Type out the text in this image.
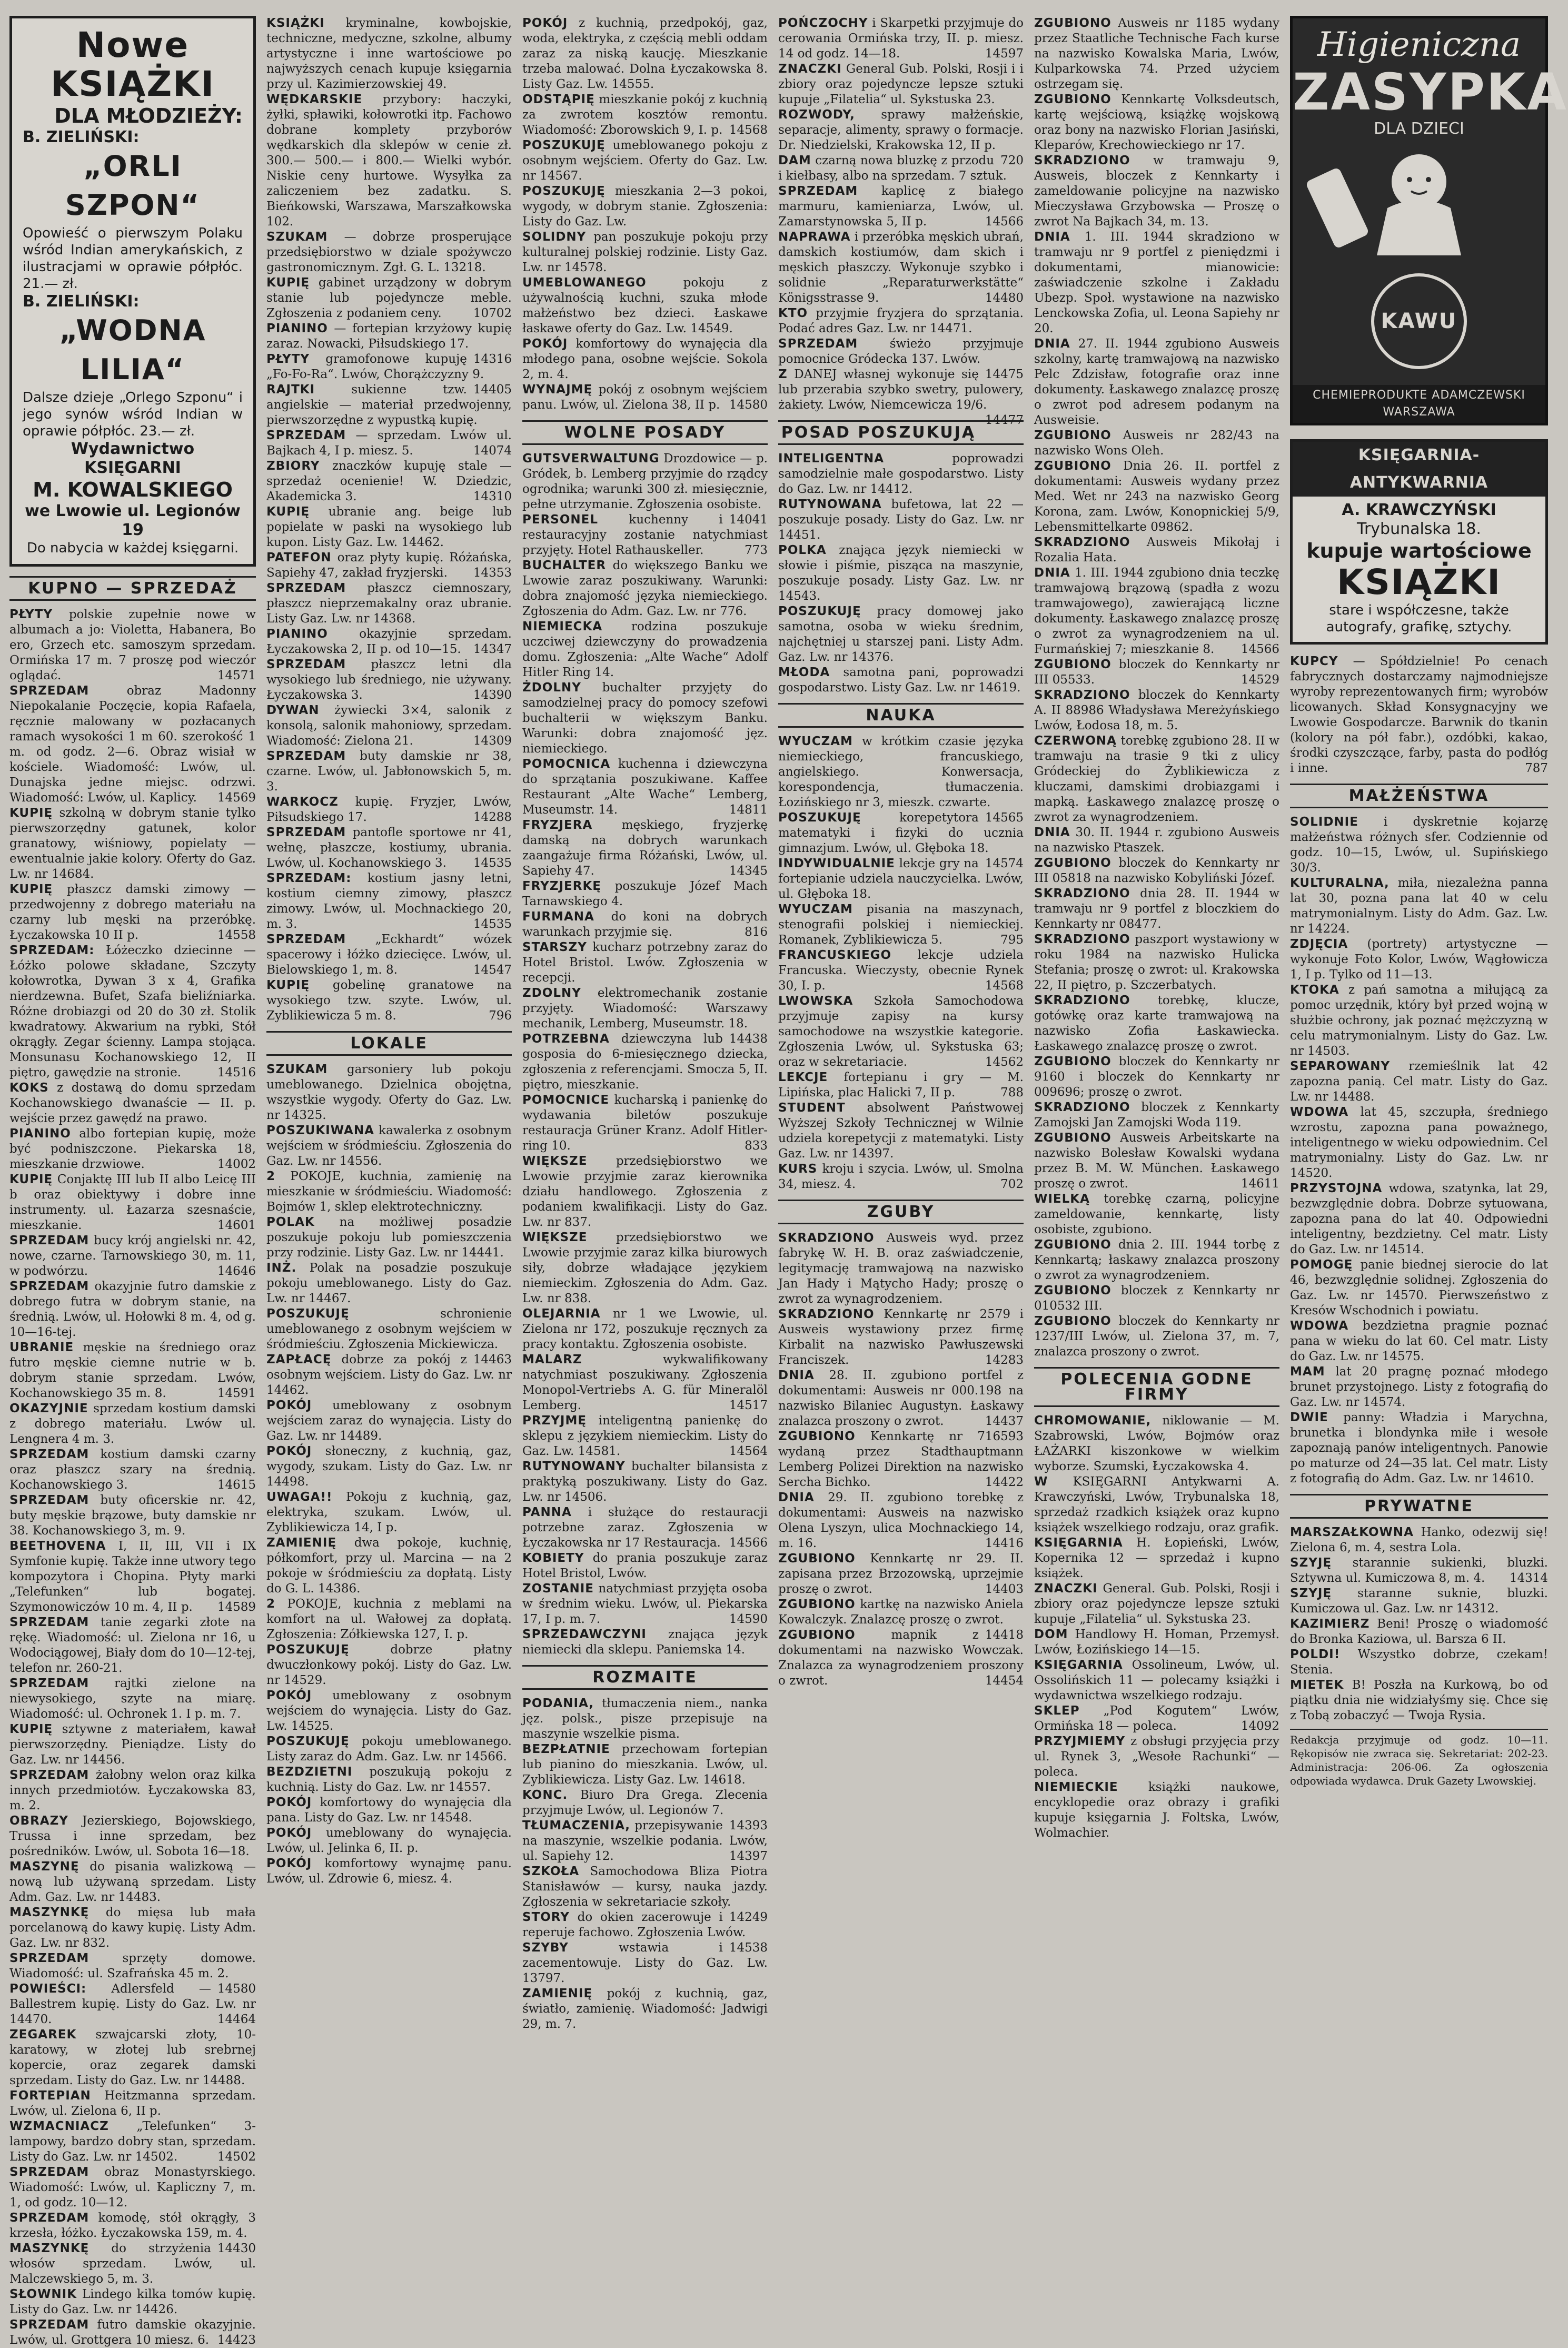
Nowe KSIĄŻKI
DLA MŁODZIEŻY:
B. ZIELIŃSKI:
„ORLI SZPON“
Opowieść o pierwszym Polaku wśród Indian amerykańskich, z ilustracjami w oprawie półpłóc. 21.— zł.
B. ZIELIŃSKI:
„WODNA LILIA“
Dalsze dzieje „Orlego Szponu“ i jego synów wśród Indian w oprawie półpłóc. 23.— zł.
Wydawnictwo KSIĘGARNI
M. KOWALSKIEGO
we Lwowie ul. Legionów 19
Do nabycia w każdej księgarni.
KUPNO — SPRZEDAŻ

PŁYTY polskie zupełnie nowe w albumach a jo: Violetta, Habanera, Bo ero, Grzech etc. samoszym sprzedam. Ormińska 17 m. 7 proszę pod wieczór oglądać.	14571

SPRZEDAM obraz Madonny Niepokalanie Poczęcie, kopia Rafaela, ręcznie malowany w pozłacanych ramach wysokości 1 m 60. szerokość 1 m. od godz. 2—6. Obraz wisiał w kościele. Wiadomość: Lwów, ul. Dunajska jedne miejsc. odrzwi. Wiadomość: Lwów, ul. Kaplicy.	14569

KUPIĘ szkolną w dobrym stanie tylko pierwszorzędny gatunek, kolor granatowy, wiśniowy, popielaty — ewentualnie jakie kolory. Oferty do Gaz. Lw. nr 14684.

KUPIĘ płaszcz damski zimowy — przedwojenny z dobrego materiału na czarny lub męski na przeróbkę. Łyczakowska 10 II p.	14558

SPRZEDAM: Łóżeczko dziecinne — Łóżko polowe składane, Szczyty kołowrotka, Dywan 3 x 4, Grafika nierdzewna. Bufet, Szafa bieliźniarka. Różne drobiazgi od 20 do 30 zł. Stolik kwadratowy. Akwarium na rybki, Stół okrągły. Zegar ścienny. Lampa stojąca. Monsunasu Kochanowskiego 12, II piętro, gawędzie na stronie.	14516

KOKS z dostawą do domu sprzedam Kochanowskiego dwanaście — II. p. wejście przez gawędź na prawo.

PIANINO albo fortepian kupię, może być podniszczone. Piekarska 18, mieszkanie drzwiowe.	14002

KUPIĘ Conjaktę III lub II albo Leicę III b oraz obiektywy i dobre inne instrumenty. ul. Łazarza szesnaście, mieszkanie.	14601

SPRZEDAM bucy krój angielski nr. 42, nowe, czarne. Tarnowskiego 30, m. 11, w podwórzu.	14646

SPRZEDAM okazyjnie futro damskie z dobrego futra w dobrym stanie, na średnią. Lwów, ul. Hołowki 8 m. 4, od g. 10—16-tej.

UBRANIE męskie na średniego oraz futro męskie ciemne nutrie w b. dobrym stanie sprzedam. Lwów, Kochanowskiego 35 m. 8.	14591

OKAZYJNIE sprzedam kostium damski z dobrego materiału. Lwów ul. Lengnera 4 m. 3.

SPRZEDAM kostium damski czarny oraz płaszcz szary na średnią. Kochanowskiego 3.	14615

SPRZEDAM buty oficerskie nr. 42, buty męskie brązowe, buty damskie nr 38. Kochanowskiego 3, m. 9.

BEETHOVENA I, II, III, VII i IX Symfonie kupię. Także inne utwory tego kompozytora i Chopina. Płyty marki „Telefunken“ lub bogatej. Szymonowiczów 10 m. 4, II p.	14589

SPRZEDAM tanie zegarki złote na rękę. Wiadomość: ul. Zielona nr 16, u Wodociągowej, Biały dom do 10—12-tej, telefon nr. 260-21.

SPRZEDAM rajtki zielone na niewysokiego, szyte na miarę. Wiadomość: ul. Ochronek 1. I p. m. 7.

KUPIĘ sztywne z materiałem, kawał pierwszorzędny. Pieniądze. Listy do Gaz. Lw. nr 14456.

SPRZEDAM żałobny welon oraz kilka innych przedmiotów. Łyczakowska 83, m. 2.

OBRAZY Jezierskiego, Bojowskiego, Trussa i inne sprzedam, bez pośredników. Lwów, ul. Sobota 16—18.

MASZYNĘ do pisania walizkową — nową lub używaną sprzedam. Listy Adm. Gaz. Lw. nr 14483.

MASZYNKĘ do mięsa lub mała porcelanową do kawy kupię. Listy Adm. Gaz. Lw. nr 832.

SPRZEDAM sprzęty domowe. Wiadomość: ul. Szafrańska 45 m. 2.
14580

POWIEŚCI: Adlersfeld — Ballestrem kupię. Listy do Gaz. Lw. nr 14470.	14464

ZEGAREK szwajcarski złoty, 10-karatowy, w złotej lub srebrnej kopercie, oraz zegarek damski sprzedam. Listy do Gaz. Lw. nr 14488.

FORTEPIAN Heitzmanna sprzedam. Lwów, ul. Zielona 6, II p.

WZMACNIACZ „Telefunken“ 3-lampowy, bardzo dobry stan, sprzedam. Listy do Gaz. Lw. nr 14502.	14502

SPRZEDAM obraz Monastyrskiego. Wiadomość: Lwów, ul. Kapliczny 7, m. 1, od godz. 10—12.

SPRZEDAM komodę, stół okrągły, 3 krzesła, łóżko. Łyczakowska 159, m. 4.
14430

MASZYNKĘ do strzyżenia włosów sprzedam. Lwów, ul. Malczewskiego 5, m. 3.

SŁOWNIK Lindego kilka tomów kupię. Listy do Gaz. Lw. nr 14426.

SPRZEDAM futro damskie okazyjnie. Lwów, ul. Grottgera 10 miesz. 6. 14423

KSIĄŻKI kryminalne, kowbojskie, techniczne, medyczne, szkolne, albumy artystyczne i inne wartościowe po najwyższych cenach kupuje księgarnia przy ul. Kazimierzowskiej 49.

WĘDKARSKIE przybory: haczyki, żyłki, spławiki, kołowrotki itp. Fachowo dobrane komplety przyborów wędkarskich dla sklepów w cenie zł. 300.— 500.— i 800.— Wielki wybór. Niskie ceny hurtowe. Wysyłka za zaliczeniem bez zadatku. S. Bieńkowski, Warszawa, Marszałkowska 102.

SZUKAM — dobrze prosperujące przedsiębiorstwo w dziale spożywczo gastronomicznym. Zgł. G. L. 13218.

KUPIĘ gabinet urządzony w dobrym stanie lub pojedyncze meble. Zgłoszenia z podaniem ceny.	10702

PIANINO — fortepian krzyżowy kupię zaraz. Nowacki, Piłsudskiego 17.
14316

PŁYTY gramofonowe kupuję „Fo-Fo-Ra“. Lwów, Chorążczyzny 9.
14405

RAJTKI sukienne tzw. angielskie — materiał przedwojenny, pierwszorzędne z wypustką kupię.

SPRZEDAM — sprzedam. Lwów ul. Bajkach 4, I p. miesz. 5.	14074

ZBIORY znaczków kupuję stale — sprzedaż ocenienie! W. Dziedzic, Akademicka 3.	14310

KUPIĘ ubranie ang. beige lub popielate w paski na wysokiego lub kupon. Listy Gaz. Lw. 14462.

PATEFON oraz płyty kupię. Różańska, Sapiehy 47, zakład fryzjerski.	14353

SPRZEDAM płaszcz ciemnoszary, płaszcz nieprzemakalny oraz ubranie. Listy Gaz. Lw. nr 14368.

PIANINO okazyjnie sprzedam. Łyczakowska 2, II p. od 10—15.	14347

SPRZEDAM płaszcz letni dla wysokiego lub średniego, nie używany. Łyczakowska 3.	14390

DYWAN żywiecki 3×4, salonik z konsolą, salonik mahoniowy, sprzedam. Wiadomość: Zielona 21.	14309

SPRZEDAM buty damskie nr 38, czarne. Lwów, ul. Jabłonowskich 5, m. 3.

WARKOCZ kupię. Fryzjer, Lwów, Piłsudskiego 17.	14288

SPRZEDAM pantofle sportowe nr 41, wełnę, płaszcze, kostiumy, ubrania. Lwów, ul. Kochanowskiego 3.	14535

SPRZEDAM: kostium jasny letni, kostium ciemny zimowy, płaszcz zimowy. Lwów, ul. Mochnackiego 20, m. 3.	14535

SPRZEDAM „Eckhardt“ wózek spacerowy i łóżko dziecięce. Lwów, ul. Bielowskiego 1, m. 8.	14547

KUPIĘ gobelinę granatowe na wysokiego tzw. szyte. Lwów, ul. Zyblikiewicza 5 m. 8.	796

LOKALE

SZUKAM garsoniery lub pokoju umeblowanego. Dzielnica obojętna, wszystkie wygody. Oferty do Gaz. Lw. nr 14325.

POSZUKIWANA kawalerka z osobnym wejściem w śródmieściu. Zgłoszenia do Gaz. Lw. nr 14556.

2 POKOJE, kuchnia, zamienię na mieszkanie w śródmieściu. Wiadomość: Bojmów 1, sklep elektrotechniczny.

POLAK na możliwej posadzie poszukuje pokoju lub pomieszczenia przy rodzinie. Listy Gaz. Lw. nr 14441.

INŻ. Polak na posadzie poszukuje pokoju umeblowanego. Listy do Gaz. Lw. nr 14467.

POSZUKUJĘ schronienie umeblowanego z osobnym wejściem w śródmieściu. Zgłoszenia Mickiewicza.
14463

ZAPŁACĘ dobrze za pokój z osobnym wejściem. Listy do Gaz. Lw. nr 14462.

POKÓJ umeblowany z osobnym wejściem zaraz do wynajęcia. Listy do Gaz. Lw. nr 14489.

POKÓJ słoneczny, z kuchnią, gaz, wygody, szukam. Listy do Gaz. Lw. nr 14498.

UWAGA!! Pokoju z kuchnią, gaz, elektryka, szukam. Lwów, ul. Zyblikiewicza 14, I p.

ZAMIENIĘ dwa pokoje, kuchnię, półkomfort, przy ul. Marcina — na 2 pokoje w śródmieściu za dopłatą. Listy do G. L. 14386.

2 POKOJE, kuchnia z meblami na komfort na ul. Wałowej za dopłatą. Zgłoszenia: Zółkiewska 127, I. p.

POSZUKUJĘ dobrze płatny dwuczłonkowy pokój. Listy do Gaz. Lw. nr 14529.

POKÓJ umeblowany z osobnym wejściem do wynajęcia. Listy do Gaz. Lw. 14525.

POSZUKUJĘ pokoju umeblowanego. Listy zaraz do Adm. Gaz. Lw. nr 14566.

BEZDZIETNI poszukują pokoju z kuchnią. Listy do Gaz. Lw. nr 14557.

POKÓJ komfortowy do wynajęcia dla pana. Listy do Gaz. Lw. nr 14548.

POKÓJ umeblowany do wynajęcia. Lwów, ul. Jelinka 6, II. p.

POKÓJ komfortowy wynajmę panu. Lwów, ul. Zdrowie 6, miesz. 4.

POKÓJ z kuchnią, przedpokój, gaz, woda, elektryka, z częścią mebli oddam zaraz za niską kaucję. Mieszkanie trzeba malować. Dolna Łyczakowska 8. Listy Gaz. Lw. 14555.

ODSTĄPIĘ mieszkanie pokój z kuchnią za zwrotem kosztów remontu. Wiadomość: Zborowskich 9, I. p. 14568

POSZUKUJĘ umeblowanego pokoju z osobnym wejściem. Oferty do Gaz. Lw. nr 14567.

POSZUKUJĘ mieszkania 2—3 pokoi, wygody, w dobrym stanie. Zgłoszenia: Listy do Gaz. Lw.

SOLIDNY pan poszukuje pokoju przy kulturalnej polskiej rodzinie. Listy Gaz. Lw. nr 14578.

UMEBLOWANEGO pokoju z używalnością kuchni, szuka młode małżeństwo bez dzieci. Łaskawe łaskawe oferty do Gaz. Lw. 14549.

POKÓJ komfortowy do wynajęcia dla młodego pana, osobne wejście. Sokola 2, m. 4.

WYNAJMĘ pokój z osobnym wejściem panu. Lwów, ul. Zielona 38, II p. 14580

WOLNE POSADY

GUTSVERWALTUNG Drozdowice — p. Gródek, b. Lemberg przyjmie do rządcy ogrodnika; warunki 300 zł. miesięcznie, pełne utrzymanie. Zgłoszenia osobiste.
14041

PERSONEL kuchenny i restauracyjny zostanie natychmiast przyjęty. Hotel Rathauskeller.	773

BUCHALTER do większego Banku we Lwowie zaraz poszukiwany. Warunki: dobra znajomość języka niemieckiego. Zgłoszenia do Adm. Gaz. Lw. nr 776.

NIEMIECKA rodzina poszukuje uczciwej dziewczyny do prowadzenia domu. Zgłoszenia: „Alte Wache“ Adolf Hitler Ring 14.

ŻDOLNY buchalter przyjęty do samodzielnej pracy do pomocy szefowi buchalterii w większym Banku. Warunki: dobra znajomość jęz. niemieckiego.

POMOCNICA kuchenna i dziewczyna do sprzątania poszukiwane. Kaffee Restaurant „Alte Wache“ Lemberg, Museumstr. 14.	14811

FRYZJERA męskiego, fryzjerkę damską na dobrych warunkach zaangażuje firma Różański, Lwów, ul. Sapiehy 47.	14345

FRYZJERKĘ poszukuje Józef Mach Tarnawskiego 4.

FURMANA do koni na dobrych warunkach przyjmie się.	816

STARSZY kucharz potrzebny zaraz do Hotel Bristol. Lwów. Zgłoszenia w recepcji.

ZDOLNY elektromechanik zostanie przyjęty. Wiadomość: Warszawy mechanik, Lemberg, Museumstr. 18.
14438

POTRZEBNA dziewczyna lub gosposia do 6-miesięcznego dziecka, zgłoszenia z referencjami. Smocza 5, II. piętro, mieszkanie.

POMOCNICE kucharską i panienkę do wydawania biletów poszukuje restauracja Grüner Kranz. Adolf Hitler-ring 10.	833

WIĘKSZE przedsiębiorstwo we Lwowie przyjmie zaraz kierownika działu handlowego. Zgłoszenia z podaniem kwalifikacji. Listy do Gaz. Lw. nr 837.

WIĘKSZE przedsiębiorstwo we Lwowie przyjmie zaraz kilka biurowych siły, dobrze władające językiem niemieckim. Zgłoszenia do Adm. Gaz. Lw. nr 838.

OLEJARNIA nr 1 we Lwowie, ul. Zielona nr 172, poszukuje ręcznych za pracy kontaktu. Zgłoszenia osobiste.

MALARZ wykwalifikowany natychmiast poszukiwany. Zgłoszenia Monopol-Vertriebs A. G. für Mineralöl Lemberg.	14517

PRZYJMĘ inteligentną panienkę do sklepu z językiem niemieckim. Listy do Gaz. Lw. 14581.	14564

RUTYNOWANY buchalter bilansista z praktyką poszukiwany. Listy do Gaz. Lw. nr 14506.

PANNA i służące do restauracji potrzebne zaraz. Zgłoszenia w Łyczakowska nr 17 Restauracja. 14566

KOBIETY do prania poszukuje zaraz Hotel Bristol, Lwów.

ZOSTANIE natychmiast przyjęta osoba w średnim wieku. Lwów, ul. Piekarska 17, I p. m. 7.	14590

SPRZEDAWCZYNI znająca język niemiecki dla sklepu. Paniemska 14.

ROZMAITE

PODANIA, tłumaczenia niem., nanka jęz. polsk., pisze przepisuje na maszynie wszelkie pisma.

BEZPŁATNIE przechowam fortepian lub pianino do mieszkania. Lwów, ul. Zyblikiewicza. Listy Gaz. Lw. 14618.

KONC. Biuro Dra Grega. Zlecenia przyjmuje Lwów, ul. Legionów 7.
14393

TŁUMACZENIA, przepisywanie na maszynie, wszelkie podania. Lwów, ul. Sapiehy 12.	14397

SZKOŁA Samochodowa Bliza Piotra Stanisławów — kursy, nauka jazdy. Zgłoszenia w sekretariacie szkoły.
14249

STORY do okien zacerowuje i reperuje fachowo. Zgłoszenia Lwów.
14538

SZYBY wstawia i zacementowuje. Listy do Gaz. Lw. 13797.

ZAMIENIĘ pokój z kuchnią, gaz, światło, zamienię. Wiadomość: Jadwigi 29, m. 7.

POŃCZOCHY i Skarpetki przyjmuje do cerowania Ormińska trzy, II. p. miesz. 14 od godz. 14—18.	14597

ZNACZKI General Gub. Polski, Rosji i i zbiory oraz pojedyncze lepsze sztuki kupuje „Filatelia“ ul. Sykstuska 23.

ROZWODY, sprawy małżeńskie, separacje, alimenty, sprawy o formacje. Dr. Niedzielski, Krakowska 12, II p.
720

DAM czarną nowa bluzkę z przodu i kiełbasy, albo na sprzedam. 7 sztuk.

SPRZEDAM kaplicę z białego marmuru, kamieniarza, Lwów, ul. Zamarstynowska 5, II p.	14566

NAPRAWA i przeróbka męskich ubrań, damskich kostiumów, dam skich i męskich płaszczy. Wykonuje szybko i solidnie „Reparaturwerkstätte“ Königsstrasse 9.	14480

KTO przyjmie fryzjera do sprzątania. Podać adres Gaz. Lw. nr 14471.

SPRZEDAM świeżo przyjmuje pomocnice Gródecka 137. Lwów.
14475

Z DANEJ własnej wykonuje się lub przerabia szybko swetry, pulowery, żakiety. Lwów, Niemcewicza 19/6.
14477

POSAD POSZUKUJĄ

INTELIGENTNA poprowadzi samodzielnie małe gospodarstwo. Listy do Gaz. Lw. nr 14412.

RUTYNOWANA bufetowa, lat 22 — poszukuje posady. Listy do Gaz. Lw. nr 14451.

POLKA znająca język niemiecki w słowie i piśmie, pisząca na maszynie, poszukuje posady. Listy Gaz. Lw. nr 14543.

POSZUKUJĘ pracy domowej jako samotna, osoba w wieku średnim, najchętniej u starszej pani. Listy Adm. Gaz. Lw. nr 14376.

MŁODA samotna pani, poprowadzi gospodarstwo. Listy Gaz. Lw. nr 14619.

NAUKA

WYUCZAM w krótkim czasie języka niemieckiego, francuskiego, angielskiego. Konwersacja, korespondencja, tłumaczenia. Łozińskiego nr 3, mieszk. czwarte.
14565

POSZUKUJĘ korepetytora matematyki i fizyki do ucznia gimnazjum. Lwów, ul. Głęboka 18.
14574

INDYWIDUALNIE lekcje gry na fortepianie udziela nauczycielka. Lwów, ul. Głęboka 18.

WYUCZAM pisania na maszynach, stenografii polskiej i niemieckiej. Romanek, Zyblikiewicza 5.	795

FRANCUSKIEGO lekcje udziela Francuska. Wieczysty, obecnie Rynek 30, I. p.	14568

LWOWSKA Szkoła Samochodowa przyjmuje zapisy na kursy samochodowe na wszystkie kategorie. Zgłoszenia Lwów, ul. Sykstuska 63; oraz w sekretariacie.	14562

LEKCJE fortepianu i gry — M. Lipińska, plac Halicki 7, II p.	788

STUDENT absolwent Państwowej Wyższej Szkoły Technicznej w Wilnie udziela korepetycji z matematyki. Listy Gaz. Lw. nr 14397.

KURS kroju i szycia. Lwów, ul. Smolna 34, miesz. 4.	702

ZGUBY

SKRADZIONO Ausweis wyd. przez fabrykę W. H. B. oraz zaświadczenie, legitymację tramwajową na nazwisko Jan Hady i Mątycho Hady; proszę o zwrot za wynagrodzeniem.

SKRADZIONO Kennkartę nr 2579 i Ausweis wystawiony przez firmę Kirbalit na nazwisko Pawłuszewski Franciszek.	14283

DNIA 28. II. zgubiono portfel z dokumentami: Ausweis nr 000.198 na nazwisko Bilaniec Augustyn. Łaskawy znalazca proszony o zwrot.	14437

ZGUBIONO Kennkartę nr 716593 wydaną przez Stadthauptmann Lemberg Polizei Direktion na nazwisko Sercha Bichko.	14422

DNIA 29. II. zgubiono torebkę z dokumentami: Ausweis na nazwisko Olena Lyszyn, ulica Mochnackiego 14, m. 16.	14416

ZGUBIONO Kennkartę nr 29. II. zapisana przez Brzozowską, uprzejmie proszę o zwrot.	14403

ZGUBIONO kartkę na nazwisko Aniela Kowalczyk. Znalazcę proszę o zwrot.
14418

ZGUBIONO mapnik z dokumentami na nazwisko Wowczak. Znalazca za wynagrodzeniem proszony o zwrot.	14454

ZGUBIONO Ausweis nr 1185 wydany przez Staatliche Technische Fach kurse na nazwisko Kowalska Maria, Lwów, Kulparkowska 74. Przed użyciem ostrzegam się.

ZGUBIONO Kennkartę Volksdeutsch, kartę wejściową, książkę wojskową oraz bony na nazwisko Florian Jasiński, Kleparów, Krechowieckiego nr 17.

SKRADZIONO w tramwaju 9, Ausweis, bloczek z Kennkarty i zameldowanie policyjne na nazwisko Mieczysława Grzybowska — Proszę o zwrot Na Bajkach 34, m. 13.

DNIA 1. III. 1944 skradziono w tramwaju nr 9 portfel z pieniędzmi i dokumentami, mianowicie: zaświadczenie szkolne i Zakładu Ubezp. Społ. wystawione na nazwisko Lenckowska Zofia, ul. Leona Sapiehy nr 20.

DNIA 27. II. 1944 zgubiono Ausweis szkolny, kartę tramwajową na nazwisko Pelc Zdzisław, fotografie oraz inne dokumenty. Łaskawego znalazcę proszę o zwrot pod adresem podanym na Ausweisie.

ZGUBIONO Ausweis nr 282/43 na nazwisko Wons Oleh.

ZGUBIONO Dnia 26. II. portfel z dokumentami: Ausweis wydany przez Med. Wet nr 243 na nazwisko Georg Korona, zam. Lwów, Konopnickiej 5/9, Lebensmittelkarte 09862.

SKRADZIONO Ausweis Mikołaj i Rozalia Hata.

DNIA 1. III. 1944 zgubiono dnia teczkę tramwajową brązową (spadła z wozu tramwajowego), zawierającą liczne dokumenty. Łaskawego znalazcę proszę o zwrot za wynagrodzeniem na ul. Furmańskiej 7; mieszkanie 8.	14566

ZGUBIONO bloczek do Kennkarty nr III 05533.	14529

SKRADZIONO bloczek do Kennkarty A. II 88986 Władysława Mereżyńskiego Lwów, Łodosa 18, m. 5.

CZERWONĄ torebkę zgubiono 28. II w tramwaju na trasie 9 tki z ulicy Gródeckiej do Żyblikiewicza z kluczami, damskimi drobiazgami i mapką. Łaskawego znalazcę proszę o zwrot za wynagrodzeniem.

DNIA 30. II. 1944 r. zgubiono Ausweis na nazwisko Ptaszek.

ZGUBIONO bloczek do Kennkarty nr III 05818 na nazwisko Kobyliński Józef.

SKRADZIONO dnia 28. II. 1944 w tramwaju nr 9 portfel z bloczkiem do Kennkarty nr 08477.

SKRADZIONO paszport wystawiony w roku 1984 na nazwisko Hulicka Stefania; proszę o zwrot: ul. Krakowska 22, II piętro, p. Szczerbatych.

SKRADZIONO torebkę, klucze, gotówkę oraz karte tramwajową na nazwisko Zofia Łaskawiecka. Łaskawego znalazcę proszę o zwrot.

ZGUBIONO bloczek do Kennkarty nr 9160 i bloczek do Kennkarty nr 009696; proszę o zwrot.

SKRADZIONO bloczek z Kennkarty Zamojski Jan Zamojski Woda 119.

ZGUBIONO Ausweis Arbeitskarte na nazwisko Bolesław Kowalski wydana przez B. M. W. München. Łaskawego proszę o zwrot.	14611

WIELKĄ torebkę czarną, policyjne zameldowanie, kennkartę, listy osobiste, zgubiono.

ZGUBIONO dnia 2. III. 1944 torbę z Kennkartą; łaskawy znalazca proszony o zwrot za wynagrodzeniem.

ZGUBIONO bloczek z Kennkarty nr 010532 III.

ZGUBIONO bloczek do Kennkarty nr 1237/III Lwów, ul. Zielona 37, m. 7, znalazca proszony o zwrot.

POLECENIA GODNE FIRMY

CHROMOWANIE, niklowanie — M. Szabrowski, Lwów, Bojmów oraz ŁAŻARKI kiszonkowe w wielkim wyborze. Szumski, Łyczakowska 4.

W KSIĘGARNI Antykwarni A. Krawczyński, Lwów, Trybunalska 18, sprzedaż rzadkich książek oraz kupno książek wszelkiego rodzaju, oraz grafik.

KSIĘGARNIA H. Łopieński, Lwów, Kopernika 12 — sprzedaż i kupno książek.

ZNACZKI General. Gub. Polski, Rosji i zbiory oraz pojedyncze lepsze sztuki kupuje „Filatelia“ ul. Sykstuska 23.

DOM Handlowy H. Homan, Przemysł. Lwów, Łozińskiego 14—15.

KSIĘGARNIA Ossolineum, Lwów, ul. Ossolińskich 11 — polecamy książki i wydawnictwa wszelkiego rodzaju.

SKLEP „Pod Kogutem“ Lwów, Ormińska 18 — poleca.	14092

PRZYJMIEMY z obsługi przyjęcia przy ul. Rynek 3, „Wesołe Rachunki“ — poleca.

NIEMIECKIE książki naukowe, encyklopedie oraz obrazy i grafiki kupuje księgarnia J. Foltska, Lwów, Wolmachier.

Higieniczna
ZASYPKA
DLA DZIECI
KAWU
CHEMIEPRODUKTE ADAMCZEWSKI WARSZAWA
KSIĘGARNIA-ANTYKWARNIA
A. KRAWCZYŃSKI
Trybunalska 18.
kupuje wartościowe
KSIĄŻKI
stare i współczesne, także autografy, grafikę, sztychy.

KUPCY — Spółdzielnie! Po cenach fabrycznych dostarczamy najmodniejsze wyroby reprezentowanych firm; wyrobów licowanych. Skład Konsygnacyjny we Lwowie Gospodarcze. Barwnik do tkanin (kolory na pół fabr.), ozdóbki, kakao, środki czyszczące, farby, pasta do podłóg i inne.	787

MAŁŻEŃSTWA

SOLIDNIE i dyskretnie kojarzę małżeństwa różnych sfer. Codziennie od godz. 10—15, Lwów, ul. Supińskiego 30/3.

KULTURALNA, miła, niezależna panna lat 30, pozna pana lat 40 w celu matrymonialnym. Listy do Adm. Gaz. Lw. nr 14224.

ZDJĘCIA (portrety) artystyczne — wykonuje Foto Kolor, Lwów, Wągłowicza 1, I p. Tylko od 11—13.

KTOKA z pań samotna a miłującą za pomoc urzędnik, który był przed wojną w służbie ochrony, jak poznać mężczyzną w celu matrymonialnym. Listy do Gaz. Lw. nr 14503.

SEPAROWANY rzemieślnik lat 42 zapozna panią. Cel matr. Listy do Gaz. Lw. nr 14488.

WDOWA lat 45, szczupła, średniego wzrostu, zapozna pana poważnego, inteligentnego w wieku odpowiednim. Cel matrymonialny. Listy do Gaz. Lw. nr 14520.

PRZYSTOJNA wdowa, szatynka, lat 29, bezwzględnie dobra. Dobrze sytuowana, zapozna pana do lat 40. Odpowiedni inteligentny, bezdzietny. Cel matr. Listy do Gaz. Lw. nr 14514.

POMOGĘ panie biednej sierocie do lat 46, bezwzględnie solidnej. Zgłoszenia do Gaz. Lw. nr 14570. Pierwszeństwo z Kresów Wschodnich i powiatu.

WDOWA bezdzietna pragnie poznać pana w wieku do lat 60. Cel matr. Listy do Gaz. Lw. nr 14575.

MAM lat 20 pragnę poznać młodego brunet przystojnego. Listy z fotografią do Gaz. Lw. nr 14574.

DWIE panny: Władzia i Marychna, brunetka i blondynka miłe i wesołe zapoznają panów inteligentnych. Panowie po maturze od 24—35 lat. Cel matr. Listy z fotografią do Adm. Gaz. Lw. nr 14610.

PRYWATNE

MARSZAŁKOWNA Hanko, odezwij się! Zielona 6, m. 4, sestra Lola.

SZYJĘ starannie sukienki, bluzki. Sztywna ul. Kumiczowa 8, m. 4.	14314

SZYJĘ staranne suknie, bluzki. Kumiczowa ul. Gaz. Lw. nr 14312.

KAZIMIERZ Beni! Proszę o wiadomość do Bronka Kaziowa, ul. Barsza 6 II.

POLDI! Wszystko dobrze, czekam! Stenia.

MIETEK B! Poszła na Kurkową, bo od piątku dnia nie widziałyśmy się. Chce się z Tobą zobaczyć — Twoja Rysia.

Redakcja przyjmuje od godz. 10—11. Rękopisów nie zwraca się. Sekretariat: 202-23. Administracja: 206-06. Za ogłoszenia odpowiada wydawca. Druk Gazety Lwowskiej.
